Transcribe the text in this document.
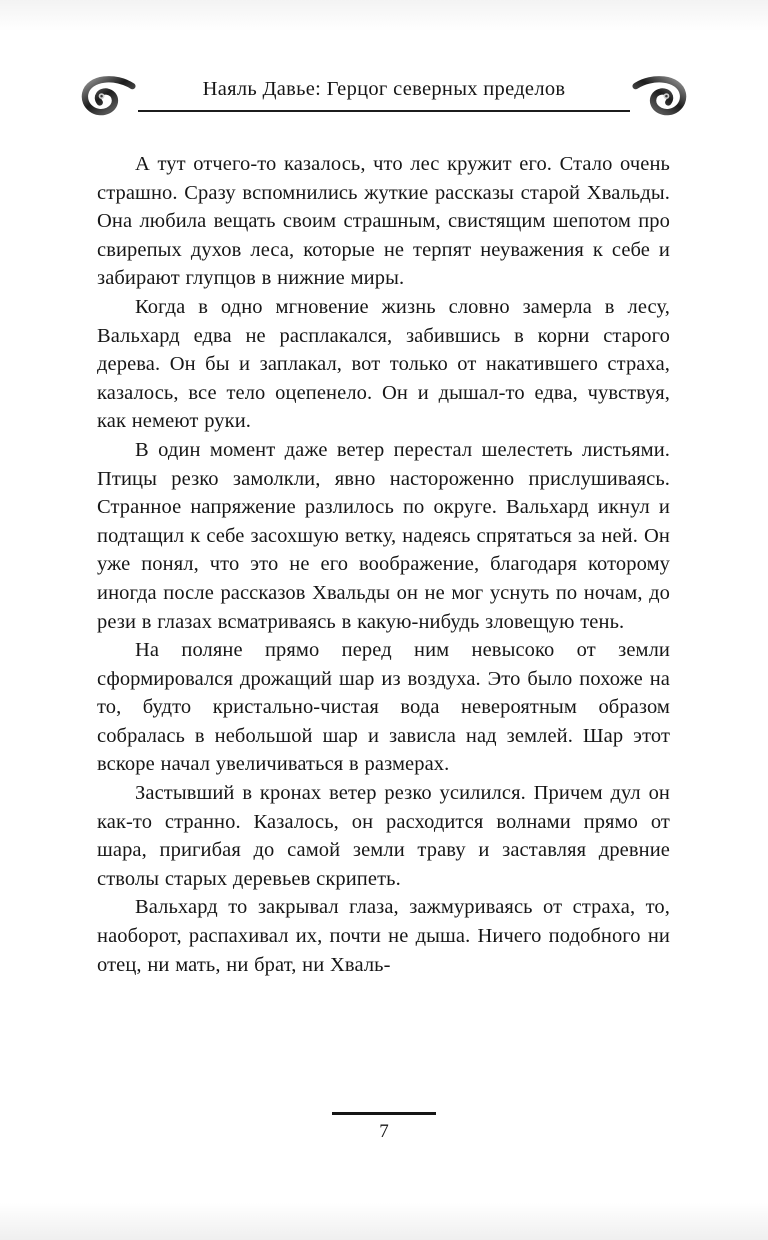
Наяль Давье: Герцог северных пределов

А тут отчего-то казалось, что лес кружит его. Стало очень страшно. Сразу вспомнились жуткие рассказы старой Хвальды. Она любила вещать своим страшным, свистящим шепотом про свирепых духов леса, которые не терпят неуважения к себе и забирают глупцов в нижние миры.

Когда в одно мгновение жизнь словно замерла в лесу, Вальхард едва не расплакался, забившись в корни старого дерева. Он бы и заплакал, вот только от накатившего страха, казалось, все тело оцепенело. Он и дышал-то едва, чувствуя, как немеют руки.

В один момент даже ветер перестал шелестеть листьями. Птицы резко замолкли, явно настороженно прислушиваясь. Странное напряжение разлилось по округе. Вальхард икнул и подтащил к себе засохшую ветку, надеясь спрятаться за ней. Он уже понял, что это не его воображение, благодаря которому иногда после рассказов Хвальды он не мог уснуть по ночам, до рези в глазах всматриваясь в какую-нибудь зловещую тень.

На поляне прямо перед ним невысоко от земли сформировался дрожащий шар из воздуха. Это было похоже на то, будто кристально-чистая вода невероятным образом собралась в небольшой шар и зависла над землей. Шар этот вскоре начал увеличиваться в размерах.

Застывший в кронах ветер резко усилился. Причем дул он как-то странно. Казалось, он расходится волнами прямо от шара, пригибая до самой земли траву и заставляя древние стволы старых деревьев скрипеть.

Вальхард то закрывал глаза, зажмуриваясь от страха, то, наоборот, распахивал их, почти не дыша. Ничего подобного ни отец, ни мать, ни брат, ни Хваль-

7
